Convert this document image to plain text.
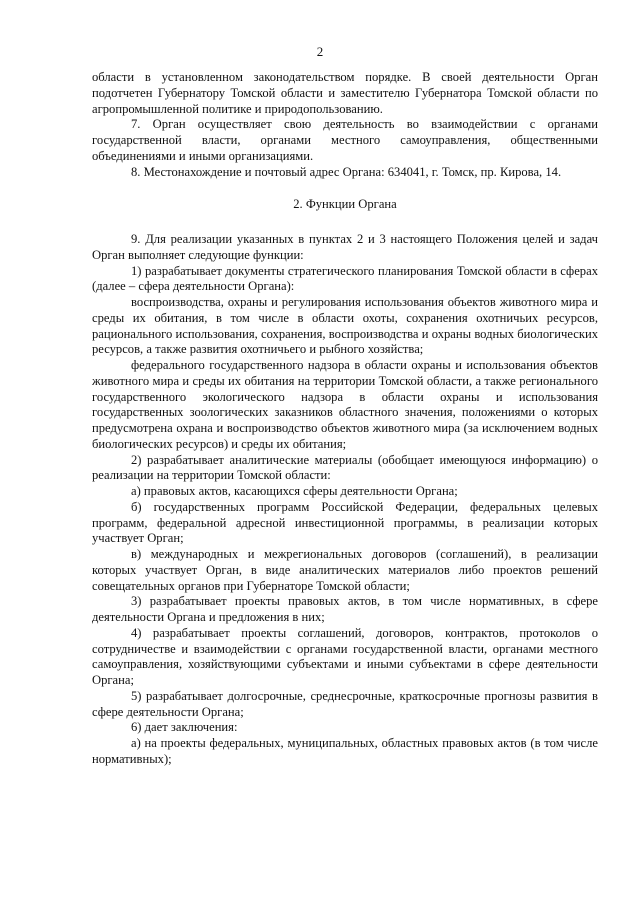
2

области в установленном законодательством порядке. В своей деятельности Орган подотчетен Губернатору Томской области и заместителю Губернатора Томской области по агропромышленной политике и природопользованию.

7. Орган осуществляет свою деятельность во взаимодействии с органами государственной власти, органами местного самоуправления, общественными объединениями и иными организациями.

8. Местонахождение и почтовый адрес Органа: 634041, г. Томск, пр. Кирова, 14.

2. Функции Органа

9. Для реализации указанных в пунктах 2 и 3 настоящего Положения целей и задач Орган выполняет следующие функции:

1) разрабатывает документы стратегического планирования Томской области в сферах (далее – сфера деятельности Органа):

воспроизводства, охраны и регулирования использования объектов животного мира и среды их обитания, в том числе в области охоты, сохранения охотничьих ресурсов, рационального использования, сохранения, воспроизводства и охраны водных биологических ресурсов, а также развития охотничьего и рыбного хозяйства;

федерального государственного надзора в области охраны и использования объектов животного мира и среды их обитания на территории Томской области, а также регионального государственного экологического надзора в области охраны и использования государственных зоологических заказников областного значения, положениями о которых предусмотрена охрана и воспроизводство объектов животного мира (за исключением водных биологических ресурсов) и среды их обитания;

2) разрабатывает аналитические материалы (обобщает имеющуюся информацию) о реализации на территории Томской области:

а) правовых актов, касающихся сферы деятельности Органа;

б) государственных программ Российской Федерации, федеральных целевых программ, федеральной адресной инвестиционной программы, в реализации которых участвует Орган;

в) международных и межрегиональных договоров (соглашений), в реализации которых участвует Орган, в виде аналитических материалов либо проектов решений совещательных органов при Губернаторе Томской области;

3) разрабатывает проекты правовых актов, в том числе нормативных, в сфере деятельности Органа и предложения в них;

4) разрабатывает проекты соглашений, договоров, контрактов, протоколов о сотрудничестве и взаимодействии с органами государственной власти, органами местного самоуправления, хозяйствующими субъектами и иными субъектами в сфере деятельности Органа;

5) разрабатывает долгосрочные, среднесрочные, краткосрочные прогнозы развития в сфере деятельности Органа;

6) дает заключения:

а) на проекты федеральных, муниципальных, областных правовых актов (в том числе нормативных);
